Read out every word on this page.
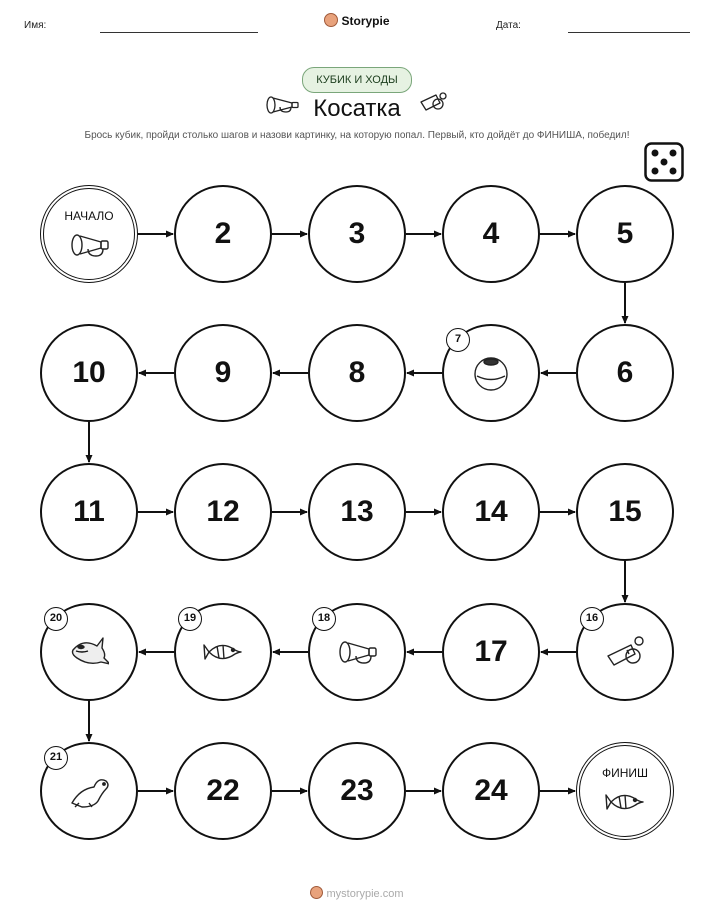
Имя:	Storypie	Дата:
КУБИК И ХОДЫ
Косатка
Брось кубик, пройди столько шагов и назови картинку, на которую попал. Первый, кто дойдёт до ФИНИША, победил!
НАЧАЛО
2	3	4	5
6
7
8
9
10
11	12	13	14	15
16
17
18
19
20
21
22	23	24
ФИНИШ
mystorypie.com
